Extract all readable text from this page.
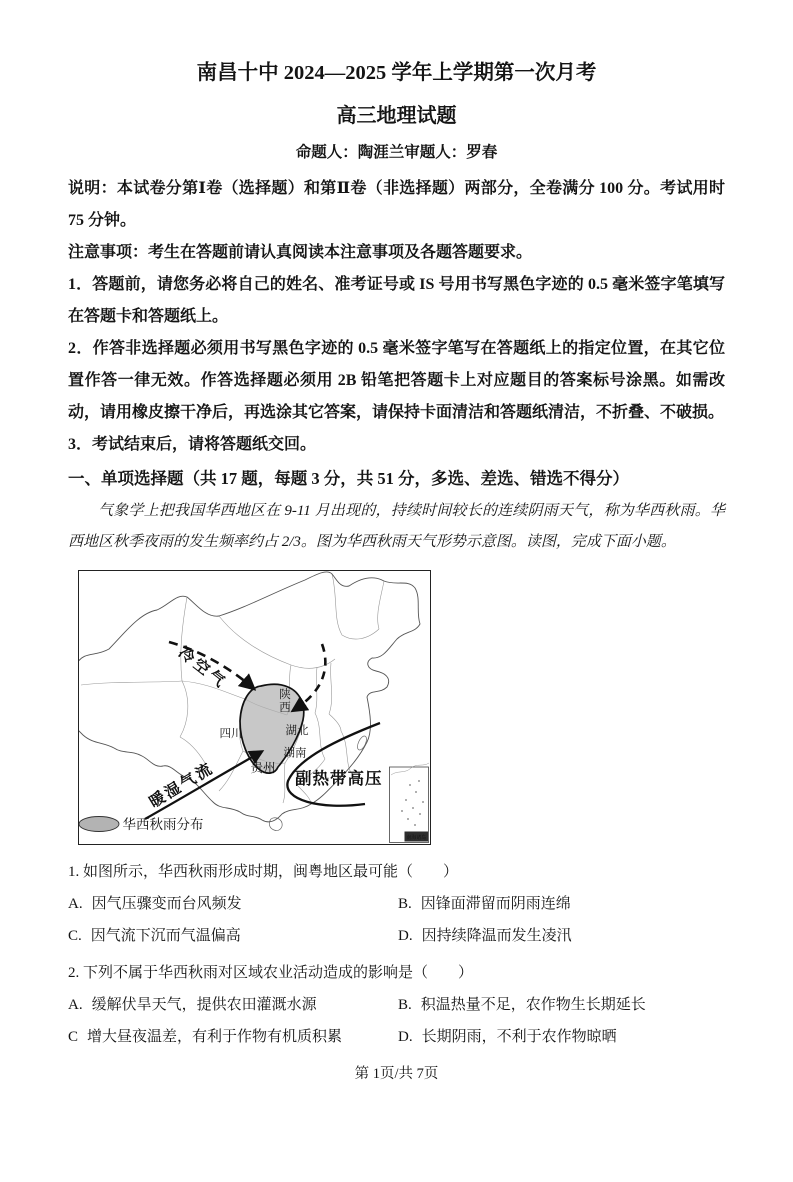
南昌十中 2024—2025 学年上学期第一次月考
高三地理试题
命题人：陶涯兰审题人：罗春

说明：本试卷分第Ⅰ卷（选择题）和第Ⅱ卷（非选择题）两部分，全卷满分 100 分。考试用时 75 分钟。

注意事项：考生在答题前请认真阅读本注意事项及各题答题要求。

1．答题前，请您务必将自己的姓名、准考证号或 IS 号用书写黑色字迹的 0.5 毫米签字笔填写在答题卡和答题纸上。

2．作答非选择题必须用书写黑色字迹的 0.5 毫米签字笔写在答题纸上的指定位置，在其它位置作答一律无效。作答选择题必须用 2B 铅笔把答题卡上对应题目的答案标号涂黑。如需改动，请用橡皮擦干净后，再选涂其它答案，请保持卡面清洁和答题纸清洁，不折叠、不破损。

3．考试结束后，请将答题纸交回。

一、单项选择题（共 17 题，每题 3 分，共 51 分，多选、差选、错选不得分）

气象学上把我国华西地区在 9-11 月出现的，持续时间较长的连续阴雨天气，称为华西秋雨。华西地区秋季夜雨的发生频率约占 2/3。图为华西秋雨天气形势示意图。读图，完成下面小题。

冷空气
暖湿气流	副热带高压
陕
西
四川	湖北
湖南
贵州
华西秋雨分布
南海诸岛

1. 如图所示，华西秋雨形成时期，闽粤地区最可能（　　）

A. 因气压骤变而台风频发	B. 因锋面滞留而阴雨连绵
C. 因气流下沉而气温偏高	D. 因持续降温而发生凌汛

2. 下列不属于华西秋雨对区域农业活动造成的影响是（　　）

A. 缓解伏旱天气，提供农田灌溉水源	B. 积温热量不足，农作物生长期延长
C 增大昼夜温差，有利于作物有机质积累	D. 长期阴雨，不利于农作物晾晒
第 1页/共 7页
